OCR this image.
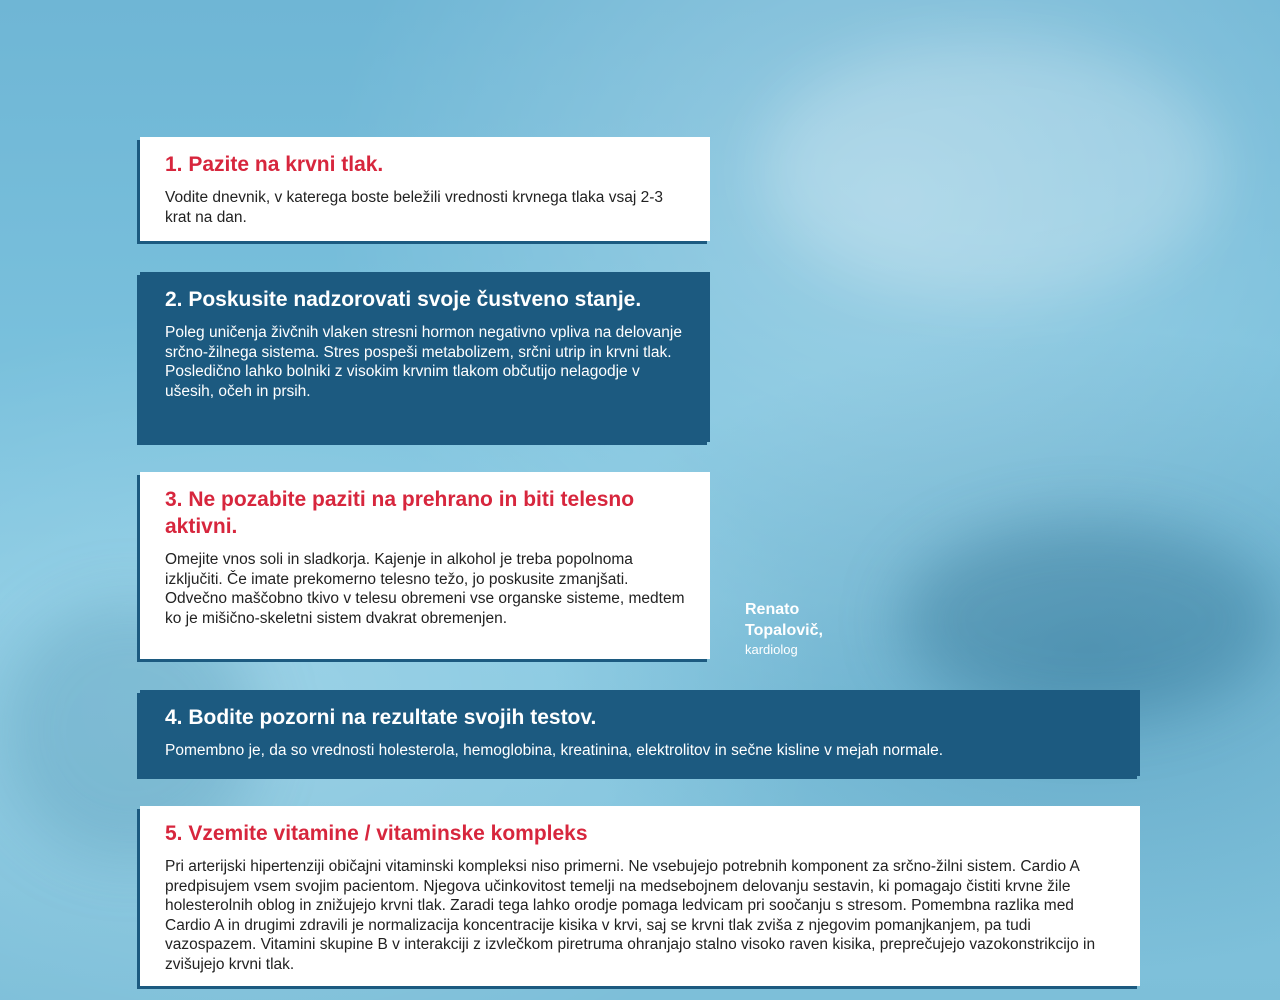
1. Pazite na krvni tlak.

Vodite dnevnik, v katerega boste beležili vrednosti krvnega tlaka vsaj 2-3 krat na dan.

2. Poskusite nadzorovati svoje čustveno stanje.

Poleg uničenja živčnih vlaken stresni hormon negativno vpliva na delovanje srčno-žilnega sistema. Stres pospeši metabolizem, srčni utrip in krvni tlak. Posledično lahko bolniki z visokim krvnim tlakom občutijo nelagodje v ušesih, očeh in prsih.

3. Ne pozabite paziti na prehrano in biti telesno aktivni.

Omejite vnos soli in sladkorja. Kajenje in alkohol je treba popolnoma izključiti. Če imate prekomerno telesno težo, jo poskusite zmanjšati. Odvečno maščobno tkivo v telesu obremeni vse organske sisteme, medtem ko je mišično-skeletni sistem dvakrat obremenjen.	Renato
Topalovič,
kardiolog
4. Bodite pozorni na rezultate svojih testov.

Pomembno je, da so vrednosti holesterola, hemoglobina, kreatinina, elektrolitov in sečne kisline v mejah normale.

5. Vzemite vitamine / vitaminske kompleks

Pri arterijski hipertenziji običajni vitaminski kompleksi niso primerni. Ne vsebujejo potrebnih komponent za srčno-žilni sistem. Cardio A predpisujem vsem svojim pacientom. Njegova učinkovitost temelji na medsebojnem delovanju sestavin, ki pomagajo čistiti krvne žile holesterolnih oblog in znižujejo krvni tlak. Zaradi tega lahko orodje pomaga ledvicam pri soočanju s stresom. Pomembna razlika med Cardio A in drugimi zdravili je normalizacija koncentracije kisika v krvi, saj se krvni tlak zviša z njegovim pomanjkanjem, pa tudi vazospazem. Vitamini skupine B v interakciji z izvlečkom piretruma ohranjajo stalno visoko raven kisika, preprečujejo vazokonstrikcijo in zvišujejo krvni tlak.
